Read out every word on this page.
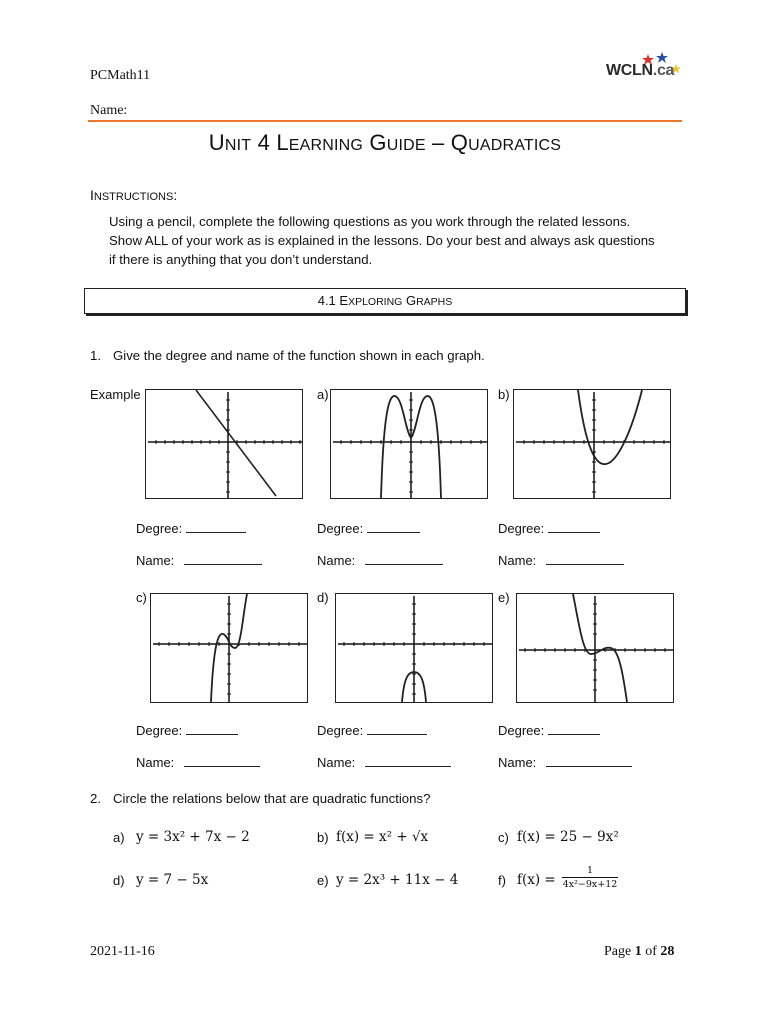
PCMath11	WCLN.ca
Name:
UNIT 4 LEARNING GUIDE – QUADRATICS
INSTRUCTIONS:
Using a pencil, complete the following questions as you work through the related lessons.
Show ALL of your work as is explained in the lessons. Do your best and always ask questions
if there is anything that you don’t understand.
4.1 EXPLORING GRAPHS
1. Give the degree and name of the function shown in each graph.
Example	a)	b)
Degree:	Degree:	Degree:
Name:	Name:	Name:
c)	d)	e)
Degree:	Degree:	Degree:
Name:	Name:	Name:
2. Circle the relations below that are quadratic functions?
a) y = 3x² + 7x − 2	b) f(x) = x² + √x	c) f(x) = 25 − 9x²
d) y = 7 − 5x	e) y = 2x³ + 11x − 4	f) f(x) =
1
4x²−9x+12
2021-11-16	Page 1 of 28
